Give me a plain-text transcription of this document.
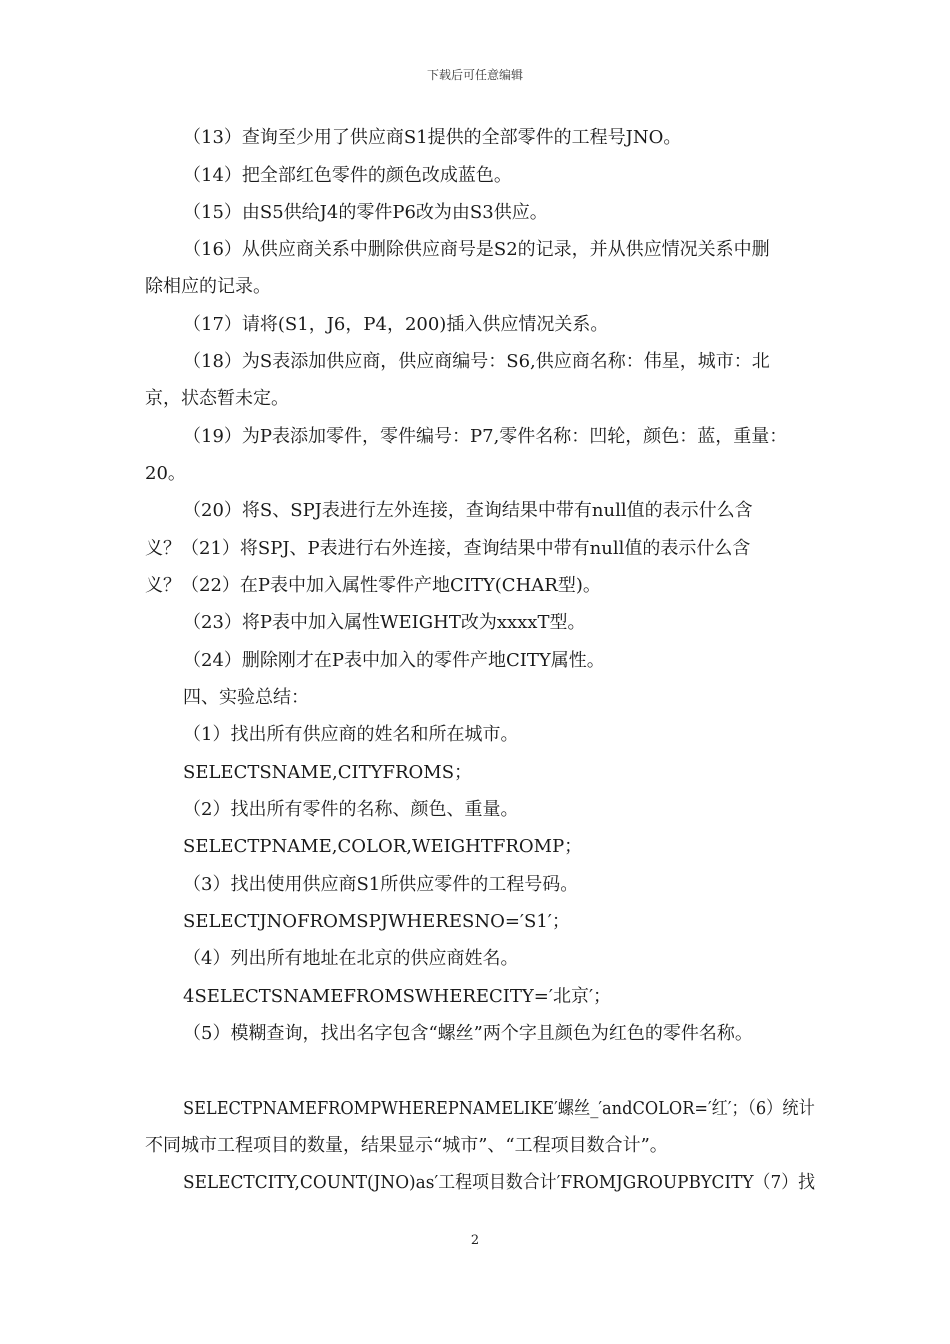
下载后可任意编辑
（13）查询至少用了供应商S1提供的全部零件的工程号JNO。
（14）把全部红色零件的颜色改成蓝色。
（15）由S5供给J4的零件P6改为由S3供应。
（16）从供应商关系中删除供应商号是S2的记录，并从供应情况关系中删
除相应的记录。
（17）请将(S1，J6，P4，200)插入供应情况关系。
（18）为S表添加供应商，供应商编号：S6,供应商名称：伟星，城市：北
京，状态暂未定。
（19）为P表添加零件，零件编号：P7,零件名称：凹轮，颜色：蓝，重量：
20。
（20）将S、SPJ表进行左外连接，查询结果中带有null值的表示什么含
义？（21）将SPJ、P表进行右外连接，查询结果中带有null值的表示什么含
义？（22）在P表中加入属性零件产地CITY(CHAR型)。
（23）将P表中加入属性WEIGHT改为xxxxT型。
（24）删除刚才在P表中加入的零件产地CITY属性。
四、实验总结：
（1）找出所有供应商的姓名和所在城市。
SELECTSNAME,CITYFROMS；
（2）找出所有零件的名称、颜色、重量。
SELECTPNAME,COLOR,WEIGHTFROMP；
（3）找出使用供应商S1所供应零件的工程号码。
SELECTJNOFROMSPJWHERESNO=′S1′；
（4）列出所有地址在北京的供应商姓名。
4SELECTSNAMEFROMSWHERECITY=′北京′；
（5）模糊查询，找出名字包含“螺丝”两个字且颜色为红色的零件名称。
SELECTPNAMEFROMPWHEREPNAMELIKE′螺丝_′andCOLOR=′红′；（6）统计
不同城市工程项目的数量，结果显示“城市”、“工程项目数合计”。
SELECTCITY,COUNT(JNO)as′工程项目数合计′FROMJGROUPBYCITY（7）找
2
